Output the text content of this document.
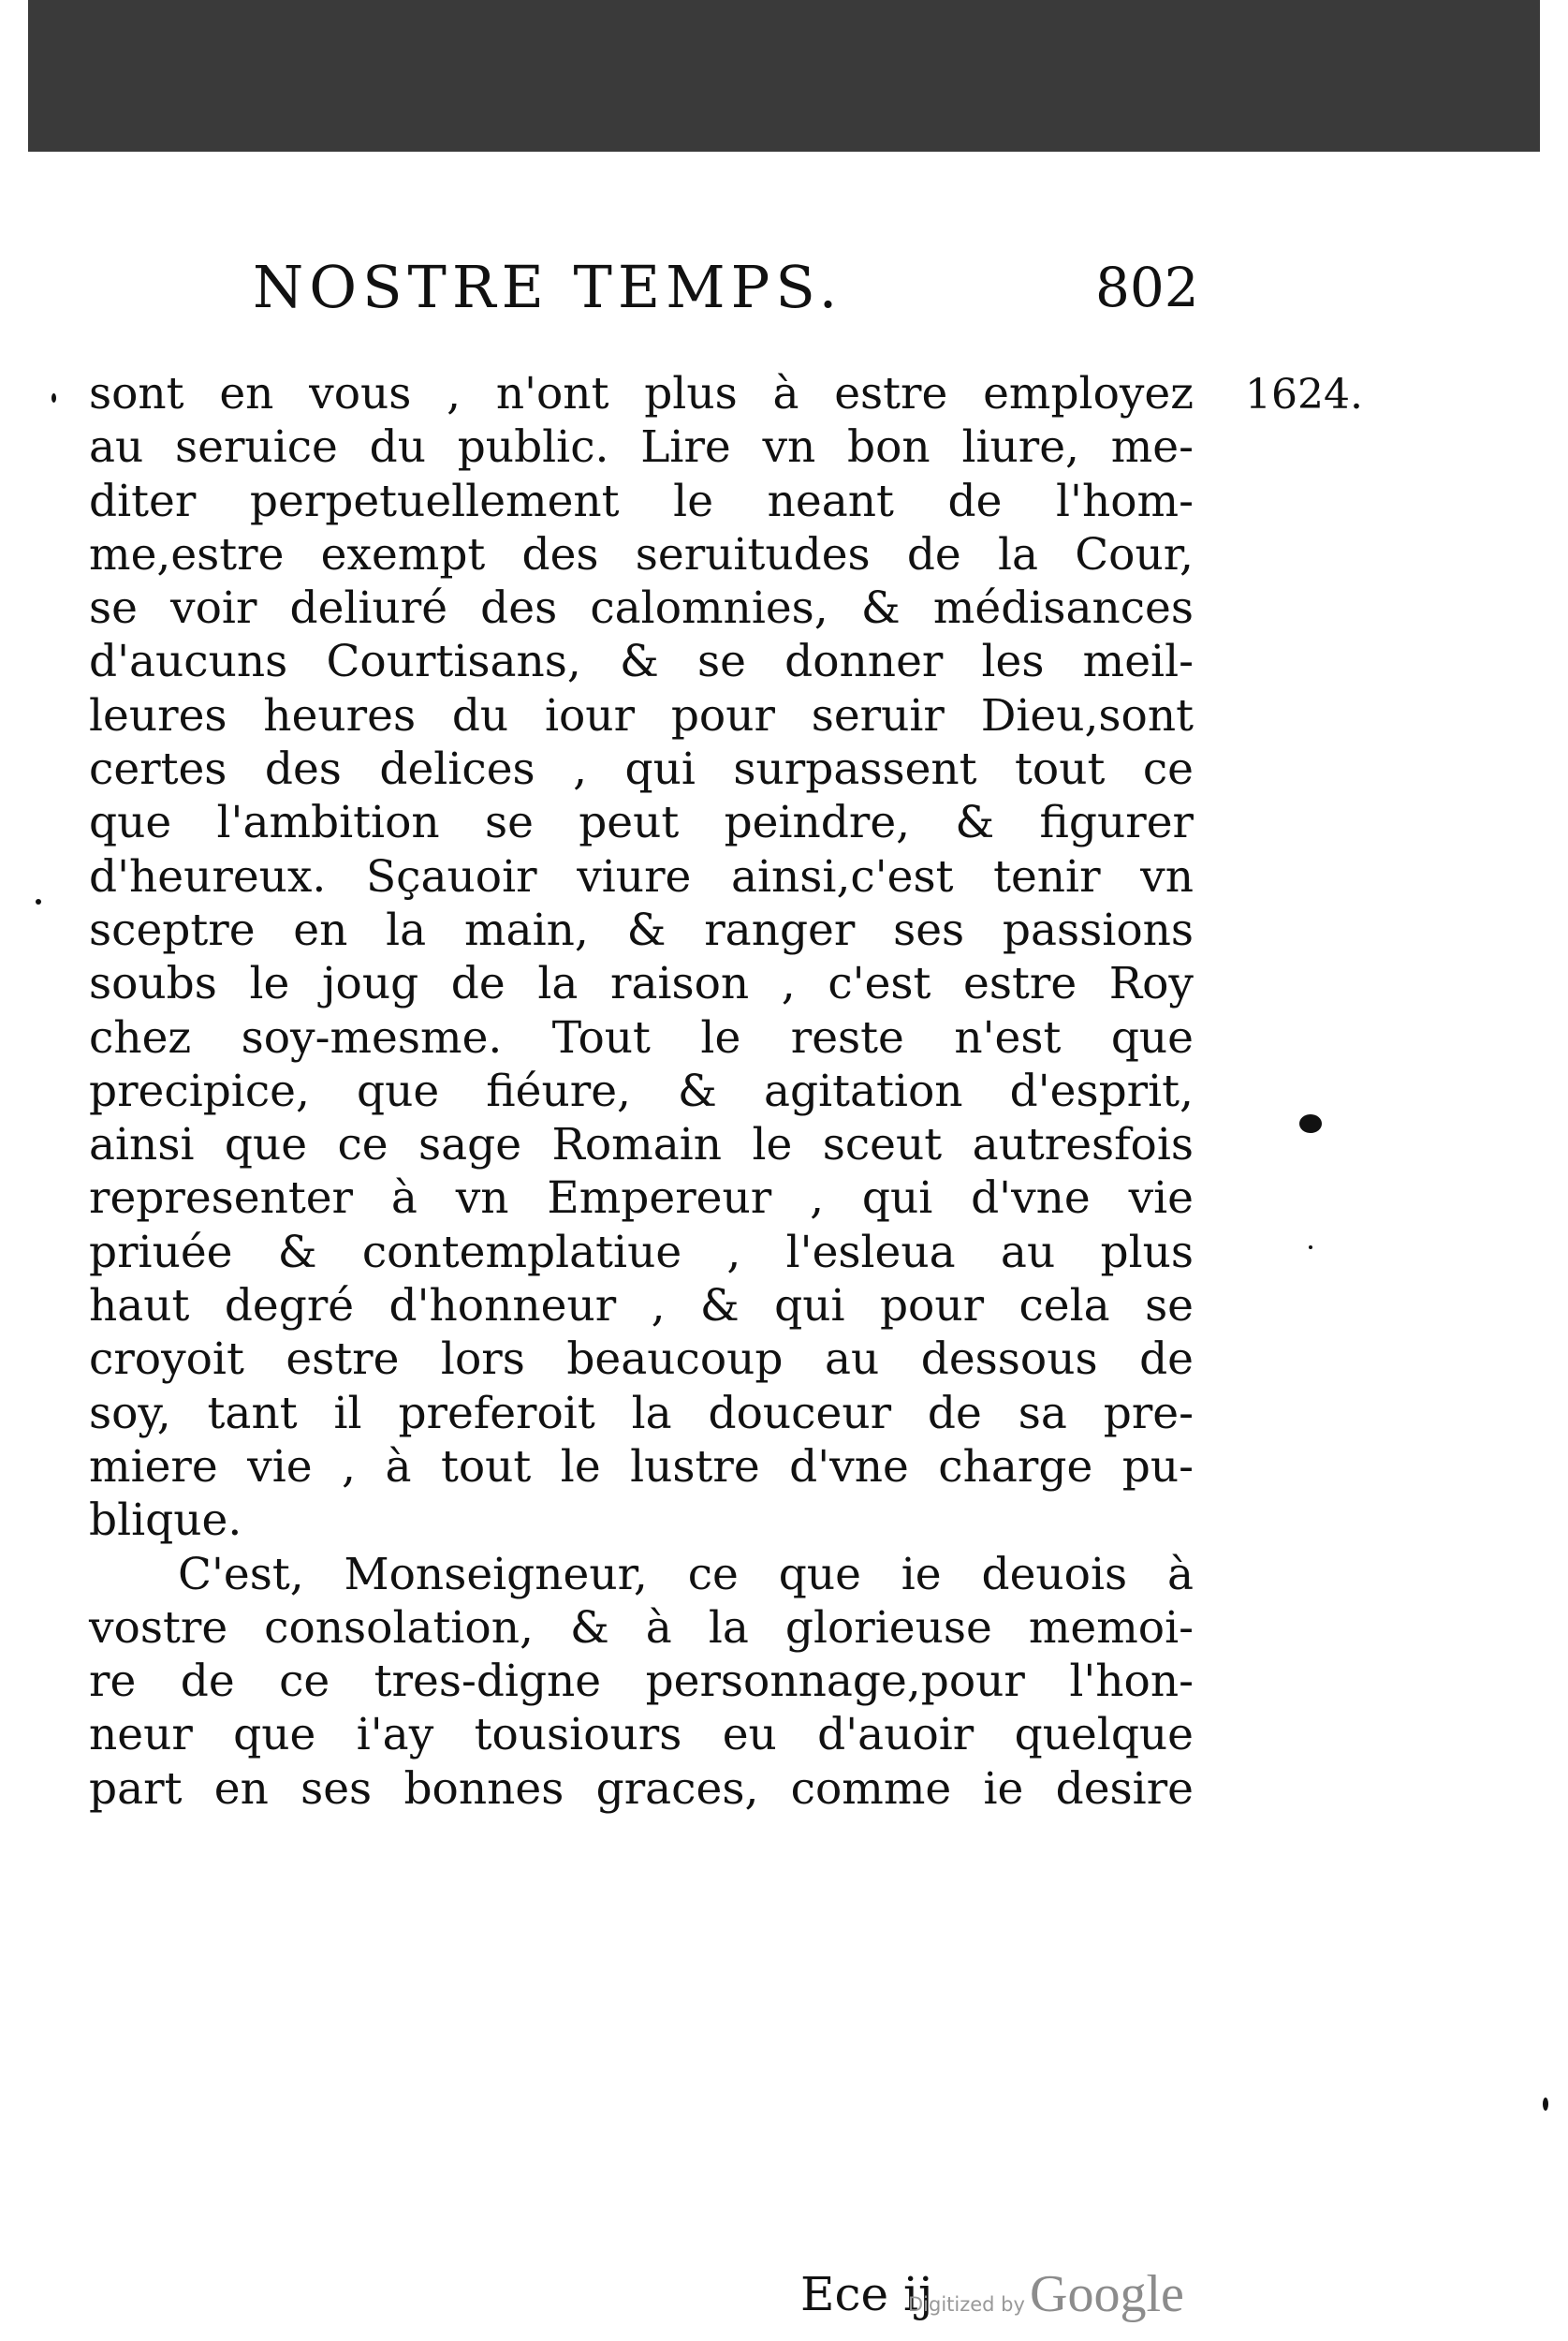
NOSTRE TEMPS.	802
1624.
sont en vous , n'ont plus à estre employez
au seruice du public. Lire vn bon liure, me-
diter perpetuellement le neant de l'hom-
me,estre exempt des seruitudes de la Cour,
se voir deliuré des calomnies, & médisances
d'aucuns Courtisans, & se donner les meil-
leures heures du iour pour seruir Dieu,sont
certes des delices , qui surpassent tout ce
que l'ambition se peut peindre, & figurer
d'heureux. Sçauoir viure ainsi,c'est tenir vn
sceptre en la main, & ranger ses passions
soubs le joug de la raison , c'est estre Roy
chez soy-mesme. Tout le reste n'est que
precipice, que fiéure, & agitation d'esprit,
ainsi que ce sage Romain le sceut autresfois
representer à vn Empereur , qui d'vne vie
priuée & contemplatiue , l'esleua au plus
haut degré d'honneur , & qui pour cela se
croyoit estre lors beaucoup au dessous de
soy, tant il preferoit la douceur de sa pre-
miere vie , à tout le lustre d'vne charge pu-
blique.
C'est, Monseigneur, ce que ie deuois à
vostre consolation, & à la glorieuse memoi-
re de ce tres-digne personnage,pour l'hon-
neur que i'ay tousiours eu d'auoir quelque
part en ses bonnes graces, comme ie desire
Ece ij
Digitized by Google
